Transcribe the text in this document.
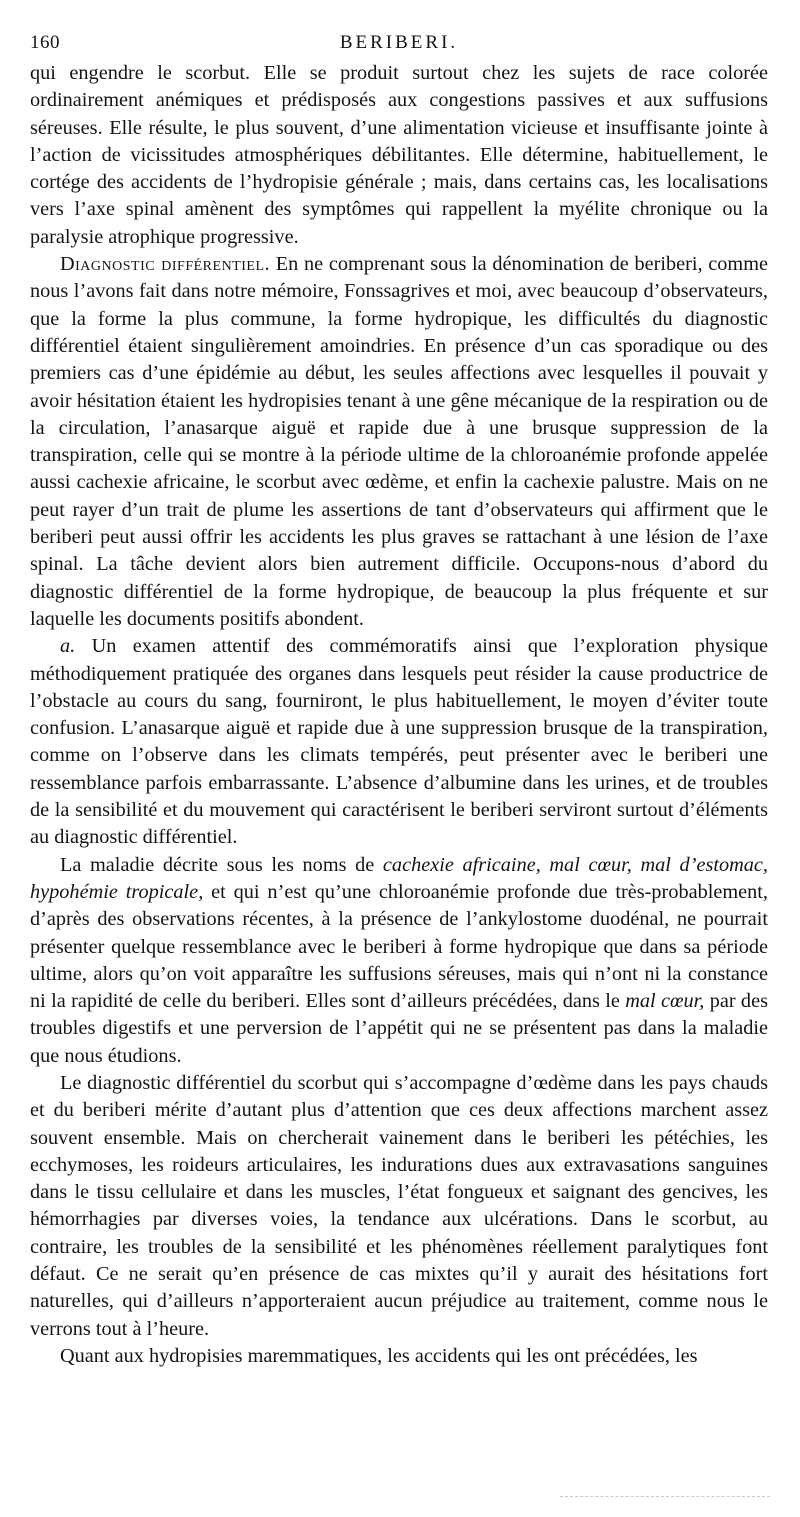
160	BERIBERI.

qui engendre le scorbut. Elle se produit surtout chez les sujets de race colorée ordinairement anémiques et prédisposés aux congestions passives et aux suffusions séreuses. Elle résulte, le plus souvent, d’une alimentation vicieuse et insuffisante jointe à l’action de vicissitudes atmosphériques débilitantes. Elle détermine, habituellement, le cortége des accidents de l’hydropisie générale ; mais, dans certains cas, les localisations vers l’axe spinal amènent des symptômes qui rappellent la myélite chronique ou la paralysie atrophique progressive.

Diagnostic différentiel. En ne comprenant sous la dénomination de beriberi, comme nous l’avons fait dans notre mémoire, Fonssagrives et moi, avec beaucoup d’observateurs, que la forme la plus commune, la forme hydropique, les difficultés du diagnostic différentiel étaient singulièrement amoindries. En présence d’un cas sporadique ou des premiers cas d’une épidémie au début, les seules affections avec lesquelles il pouvait y avoir hésitation étaient les hydropisies tenant à une gêne mécanique de la respiration ou de la circulation, l’anasarque aiguë et rapide due à une brusque suppression de la transpiration, celle qui se montre à la période ultime de la chloroanémie profonde appelée aussi cachexie africaine, le scorbut avec œdème, et enfin la cachexie palustre. Mais on ne peut rayer d’un trait de plume les assertions de tant d’observateurs qui affirment que le beriberi peut aussi offrir les accidents les plus graves se rattachant à une lésion de l’axe spinal. La tâche devient alors bien autrement difficile. Occupons-nous d’abord du diagnostic différentiel de la forme hydropique, de beaucoup la plus fréquente et sur laquelle les documents positifs abondent.

a. Un examen attentif des commémoratifs ainsi que l’exploration physique méthodiquement pratiquée des organes dans lesquels peut résider la cause productrice de l’obstacle au cours du sang, fourniront, le plus habituellement, le moyen d’éviter toute confusion. L’anasarque aiguë et rapide due à une suppression brusque de la transpiration, comme on l’observe dans les climats tempérés, peut présenter avec le beriberi une ressemblance parfois embarrassante. L’absence d’albumine dans les urines, et de troubles de la sensibilité et du mouvement qui caractérisent le beriberi serviront surtout d’éléments au diagnostic différentiel.

La maladie décrite sous les noms de cachexie africaine, mal cœur, mal d’estomac, hypohémie tropicale, et qui n’est qu’une chloroanémie profonde due très-probablement, d’après des observations récentes, à la présence de l’ankylostome duodénal, ne pourrait présenter quelque ressemblance avec le beriberi à forme hydropique que dans sa période ultime, alors qu’on voit apparaître les suffusions séreuses, mais qui n’ont ni la constance ni la rapidité de celle du beriberi. Elles sont d’ailleurs précédées, dans le mal cœur, par des troubles digestifs et une perversion de l’appétit qui ne se présentent pas dans la maladie que nous étudions.

Le diagnostic différentiel du scorbut qui s’accompagne d’œdème dans les pays chauds et du beriberi mérite d’autant plus d’attention que ces deux affections marchent assez souvent ensemble. Mais on chercherait vainement dans le beriberi les pétéchies, les ecchymoses, les roideurs articulaires, les indurations dues aux extravasations sanguines dans le tissu cellulaire et dans les muscles, l’état fongueux et saignant des gencives, les hémorrhagies par diverses voies, la tendance aux ulcérations. Dans le scorbut, au contraire, les troubles de la sensibilité et les phénomènes réellement paralytiques font défaut. Ce ne serait qu’en présence de cas mixtes qu’il y aurait des hésitations fort naturelles, qui d’ailleurs n’apporteraient aucun préjudice au traitement, comme nous le verrons tout à l’heure.

Quant aux hydropisies maremmatiques, les accidents qui les ont précédées, les
